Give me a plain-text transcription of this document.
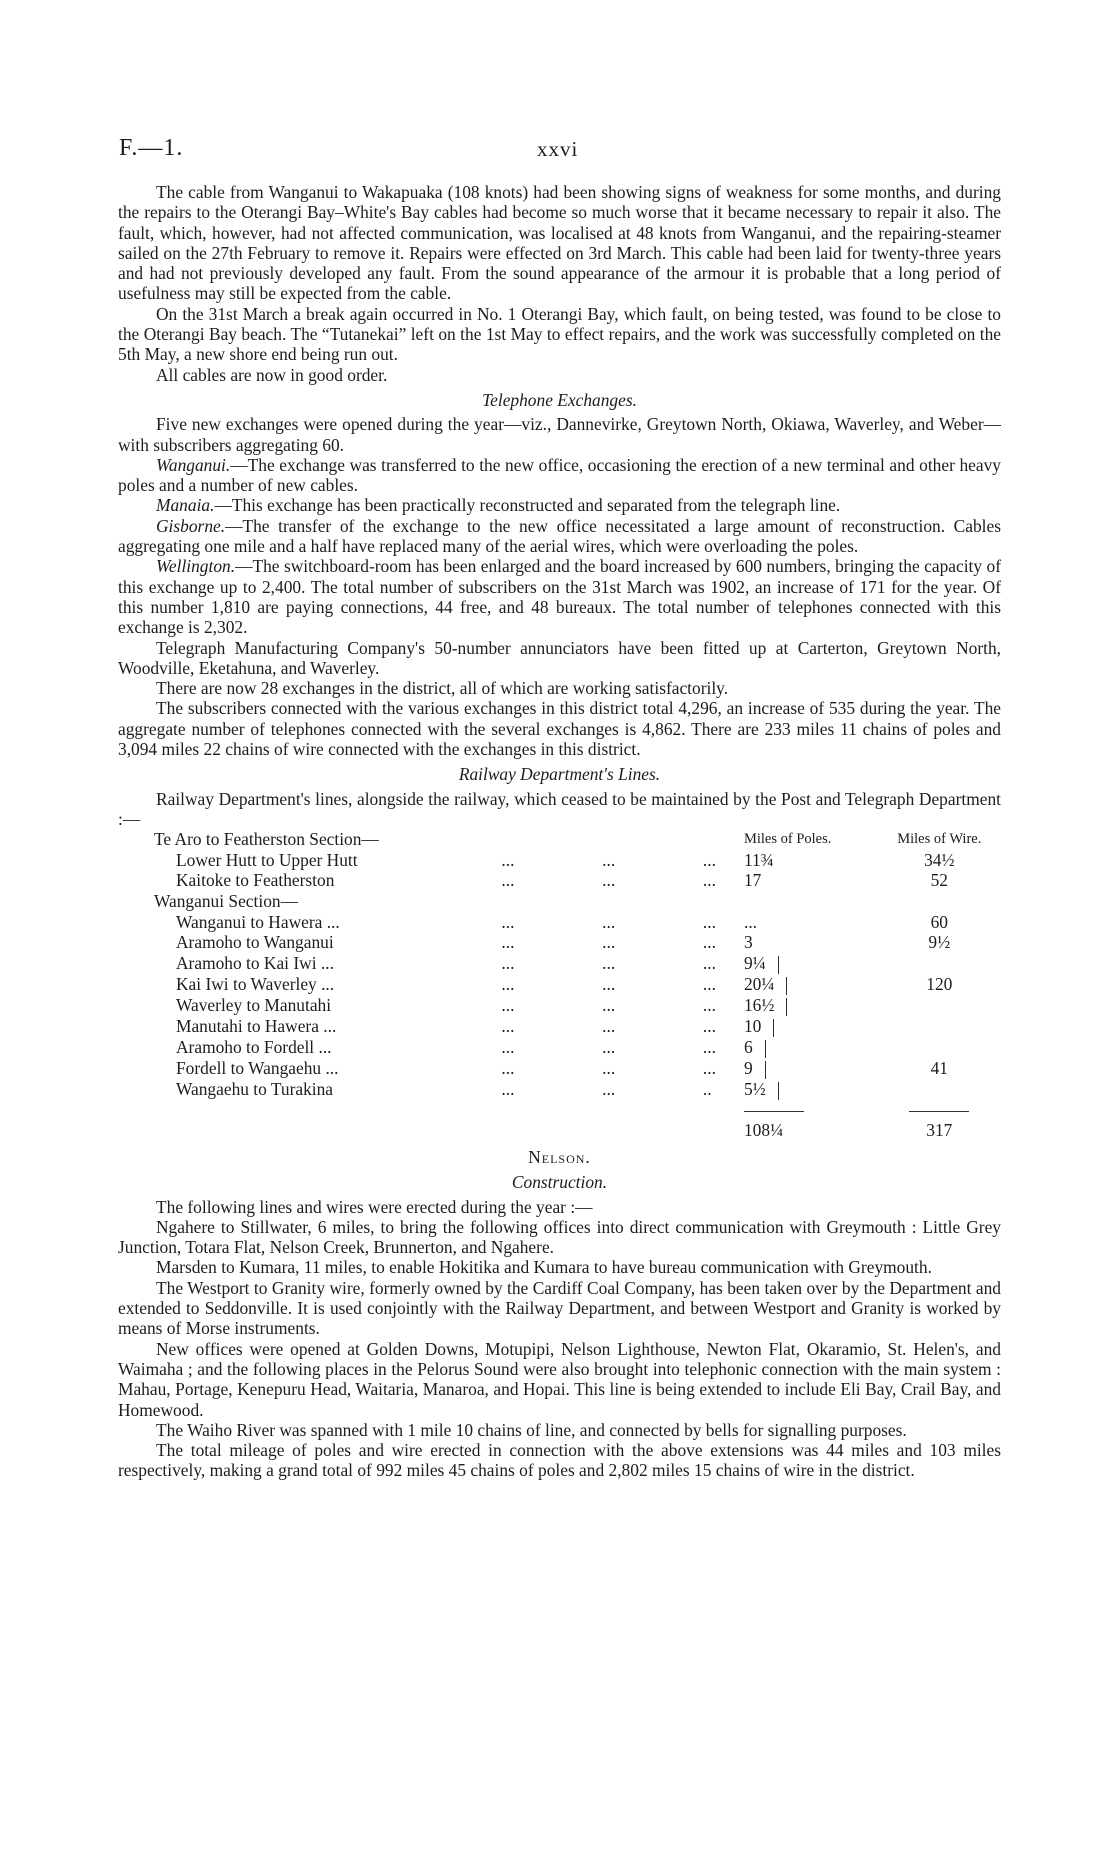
F.—1.	xxvi

The cable from Wanganui to Wakapuaka (108 knots) had been showing signs of weakness for some months, and during the repairs to the Oterangi Bay–White's Bay cables had become so much worse that it became necessary to repair it also. The fault, which, however, had not affected communication, was localised at 48 knots from Wanganui, and the repairing-steamer sailed on the 27th February to remove it. Repairs were effected on 3rd March. This cable had been laid for twenty-three years and had not previously developed any fault. From the sound appearance of the armour it is probable that a long period of usefulness may still be expected from the cable.

On the 31st March a break again occurred in No. 1 Oterangi Bay, which fault, on being tested, was found to be close to the Oterangi Bay beach. The “Tutanekai” left on the 1st May to effect repairs, and the work was successfully completed on the 5th May, a new shore end being run out.

All cables are now in good order.

Telephone Exchanges.

Five new exchanges were opened during the year—viz., Dannevirke, Greytown North, Okiawa, Waverley, and Weber—with subscribers aggregating 60.

Wanganui.—The exchange was transferred to the new office, occasioning the erection of a new terminal and other heavy poles and a number of new cables.

Manaia.—This exchange has been practically reconstructed and separated from the telegraph line.

Gisborne.—The transfer of the exchange to the new office necessitated a large amount of reconstruction. Cables aggregating one mile and a half have replaced many of the aerial wires, which were overloading the poles.

Wellington.—The switchboard-room has been enlarged and the board increased by 600 numbers, bringing the capacity of this exchange up to 2,400. The total number of subscribers on the 31st March was 1902, an increase of 171 for the year. Of this number 1,810 are paying connections, 44 free, and 48 bureaux. The total number of telephones connected with this exchange is 2,302.

Telegraph Manufacturing Company's 50-number annunciators have been fitted up at Carterton, Greytown North, Woodville, Eketahuna, and Waverley.

There are now 28 exchanges in the district, all of which are working satisfactorily.

The subscribers connected with the various exchanges in this district total 4,296, an increase of 535 during the year. The aggregate number of telephones connected with the several exchanges is 4,862. There are 233 miles 11 chains of poles and 3,094 miles 22 chains of wire connected with the exchanges in this district.

Railway Department's Lines.

Railway Department's lines, alongside the railway, which ceased to be maintained by the Post and Telegraph Department :—

Te Aro to Featherston Section—				Miles of Poles.	Miles of Wire.
Lower Hutt to Upper Hutt	...	...	...	11¾	34½
Kaitoke to Featherston	...	...	...	17	52
Wanganui Section—					
Wanganui to Hawera ...	...	...	...	...	60
Aramoho to Wanganui	...	...	...	3	9½
Aramoho to Kai Iwi ...	...	...	...	9¼	
Kai Iwi to Waverley ...	...	...	...	20¼	120
Waverley to Manutahi	...	...	...	16½	
Manutahi to Hawera ...	...	...	...	10	
Aramoho to Fordell ...	...	...	...	6	
Fordell to Wangaehu ...	...	...	...	9	41
Wangaehu to Turakina	...	...	..	5½	

				108¼	317

Nelson.

Construction.

The following lines and wires were erected during the year :—

Ngahere to Stillwater, 6 miles, to bring the following offices into direct communication with Greymouth : Little Grey Junction, Totara Flat, Nelson Creek, Brunnerton, and Ngahere.

Marsden to Kumara, 11 miles, to enable Hokitika and Kumara to have bureau communication with Greymouth.

The Westport to Granity wire, formerly owned by the Cardiff Coal Company, has been taken over by the Department and extended to Seddonville. It is used conjointly with the Railway Department, and between Westport and Granity is worked by means of Morse instruments.

New offices were opened at Golden Downs, Motupipi, Nelson Lighthouse, Newton Flat, Okaramio, St. Helen's, and Waimaha ; and the following places in the Pelorus Sound were also brought into telephonic connection with the main system : Mahau, Portage, Kenepuru Head, Waitaria, Manaroa, and Hopai. This line is being extended to include Eli Bay, Crail Bay, and Homewood.

The Waiho River was spanned with 1 mile 10 chains of line, and connected by bells for signalling purposes.

The total mileage of poles and wire erected in connection with the above extensions was 44 miles and 103 miles respectively, making a grand total of 992 miles 45 chains of poles and 2,802 miles 15 chains of wire in the district.
